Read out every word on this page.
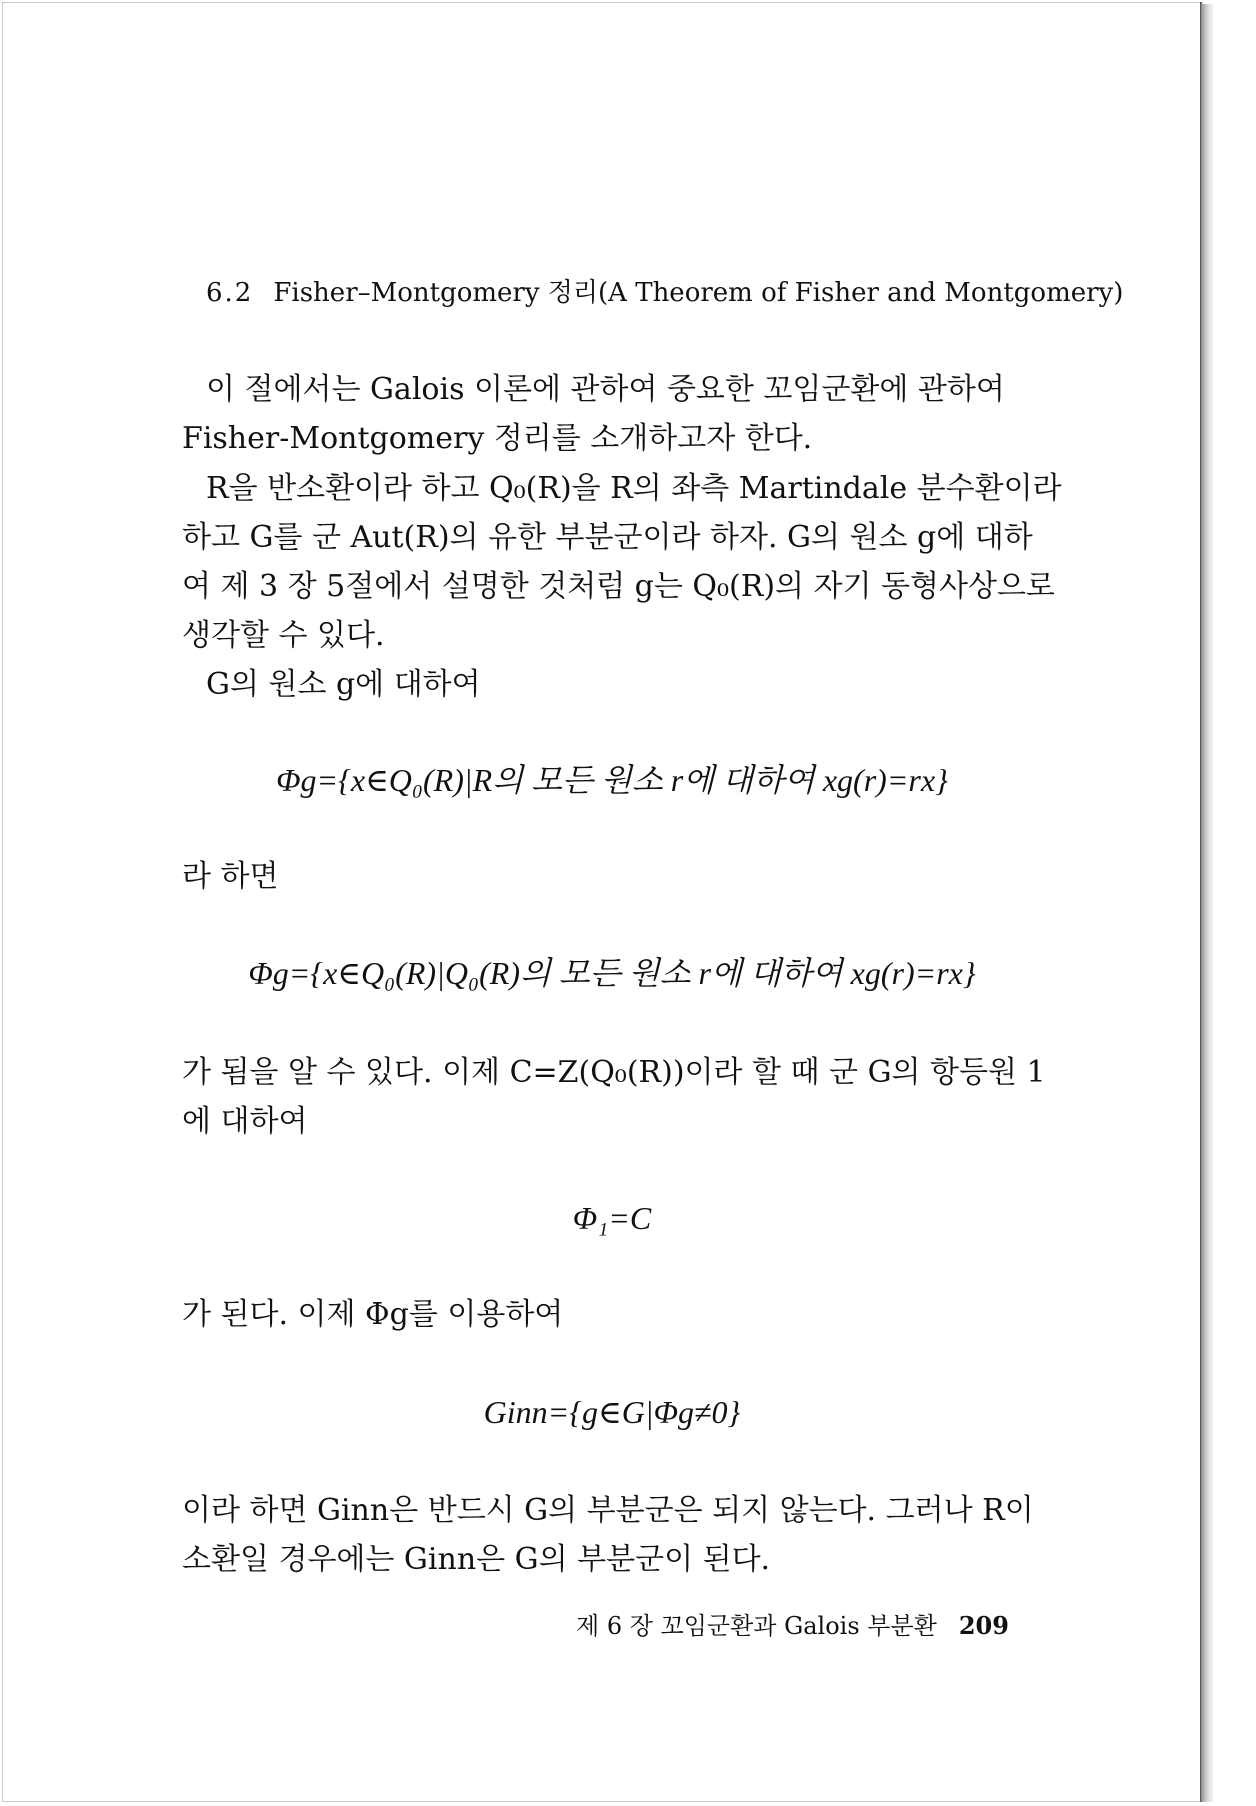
6.2 Fisher–Montgomery 정리(A Theorem of Fisher and Montgomery)
이 절에서는 Galois 이론에 관하여 중요한 꼬임군환에 관하여
Fisher-Montgomery 정리를 소개하고자 한다.
R을 반소환이라 하고 Q₀(R)을 R의 좌측 Martindale 분수환이라
하고 G를 군 Aut(R)의 유한 부분군이라 하자. G의 원소 g에 대하
여 제 3 장 5절에서 설명한 것처럼 g는 Q₀(R)의 자기 동형사상으로
생각할 수 있다.
G의 원소 g에 대하여
Φg={x∈Q₀(R)|R의 모든 원소 r에 대하여 xg(r)=rx}
라 하면
Φg={x∈Q₀(R)|Q₀(R)의 모든 원소 r에 대하여 xg(r)=rx}
가 됨을 알 수 있다. 이제 C=Z(Q₀(R))이라 할 때 군 G의 항등원 1
에 대하여
Φ₁=C
가 된다. 이제 Φg를 이용하여
Ginn={g∈G|Φg≠0}
이라 하면 Ginn은 반드시 G의 부분군은 되지 않는다. 그러나 R이
소환일 경우에는 Ginn은 G의 부분군이 된다.
제 6 장 꼬임군환과 Galois 부분환 209
